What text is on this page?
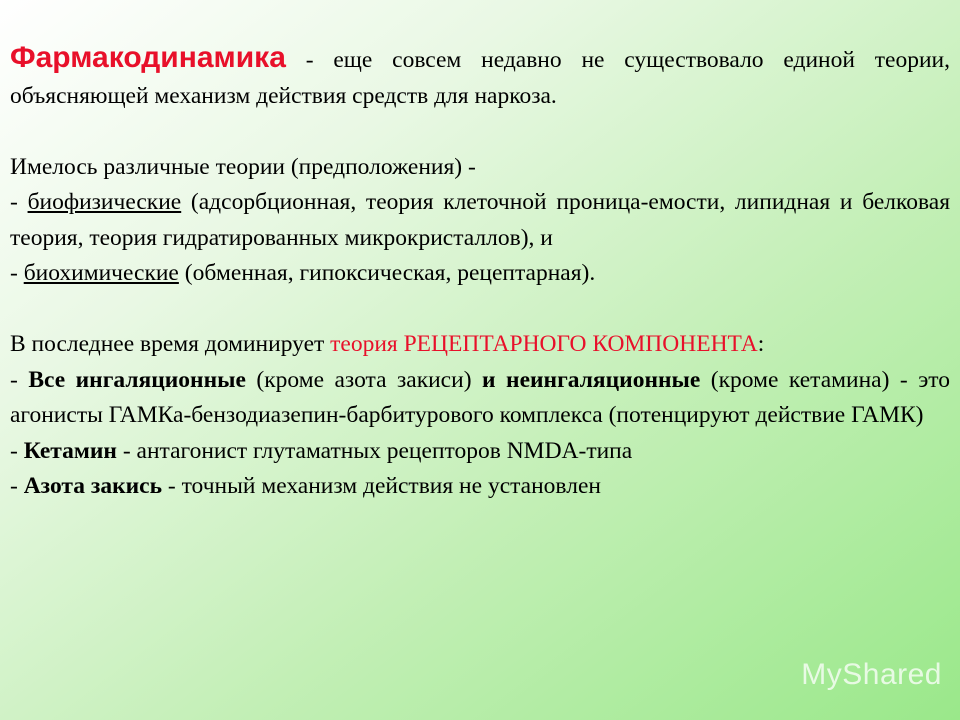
Фармакодинамика - еще совсем недавно не существовало единой теории, объясняющей механизм действия средств для наркоза.

Имелось различные теории (предположения) -

- биофизические (адсорбционная, теория клеточной проница-емости, липидная и белковая теория, теория гидратированных микрокристаллов), и

- биохимические (обменная, гипоксическая, рецептарная).

В последнее время доминирует теория РЕЦЕПТАРНОГО КОМПОНЕНТА:

- Все ингаляционные (кроме азота закиси) и неингаляционные (кроме кетамина) - это агонисты ГАМКа-бензодиазепин-барбитурового комплекса (потенцируют действие ГАМК)

- Кетамин - антагонист глутаматных рецепторов NMDA-типа

- Азота закись - точный механизм действия не установлен

MyShared
